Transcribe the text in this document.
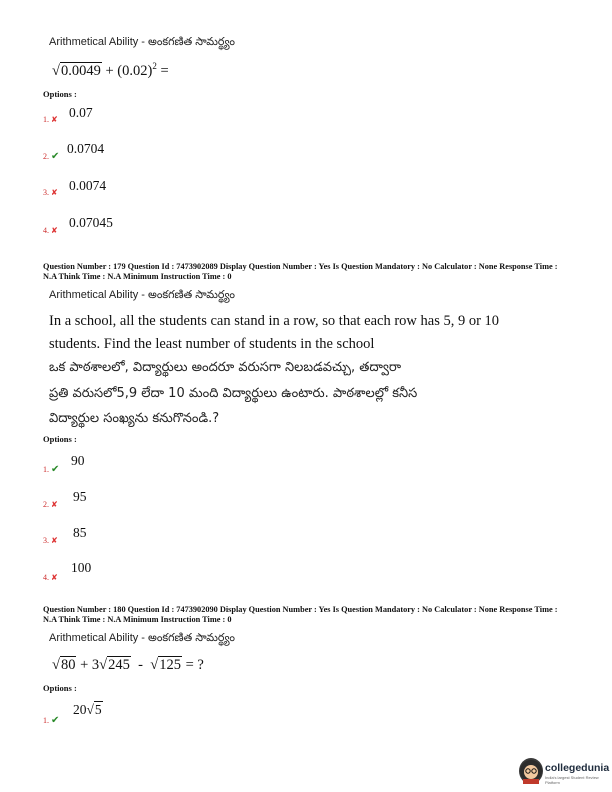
Arithmetical Ability - అంకగణిత సామర్థ్యం
$√0.0049 + (0.02)^2$ =
Options :
1. ✘ $^{0.07}$
2. ✔ $^{0.0704}$
3. ✘ $^{0.0074}$
4. ✘ $^{0.07045}$
Question Number : 179 Question Id : 7473902089 Display Question Number : Yes Is Question Mandatory : No Calculator : None Response Time : N.A Think Time : N.A Minimum Instruction Time : 0
Arithmetical Ability - అంకగణిత సామర్థ్యం
In a school, all the students can stand in a row, so that each row has 5, 9 or 10
students. Find the least number of students in the school
ఒక పాఠశాలలో, విద్యార్థులు అందరూ వరుసగా నిలబడవచ్చు, తద్వారా
ప్రతి వరుసలో5,9 లేదా 10 మంది విద్యార్థులు ఉంటారు. పాఠశాలల్లో కనీస
విద్యార్థుల సంఖ్యను కనుగొనండి.?
Options :
1. ✔ $^{90}$
2. ✘ $^{95}$
3. ✘ $^{85}$
4. ✘ $^{100}$
Question Number : 180 Question Id : 7473902090 Display Question Number : Yes Is Question Mandatory : No Calculator : None Response Time : N.A Think Time : N.A Minimum Instruction Time : 0
Arithmetical Ability - అంకగణిత సామర్థ్యం
√80 + 3√245 - √125 = ?
Options :
1. ✔ $^{20√5}$
collegedunia
India's largest Student Review Platform
